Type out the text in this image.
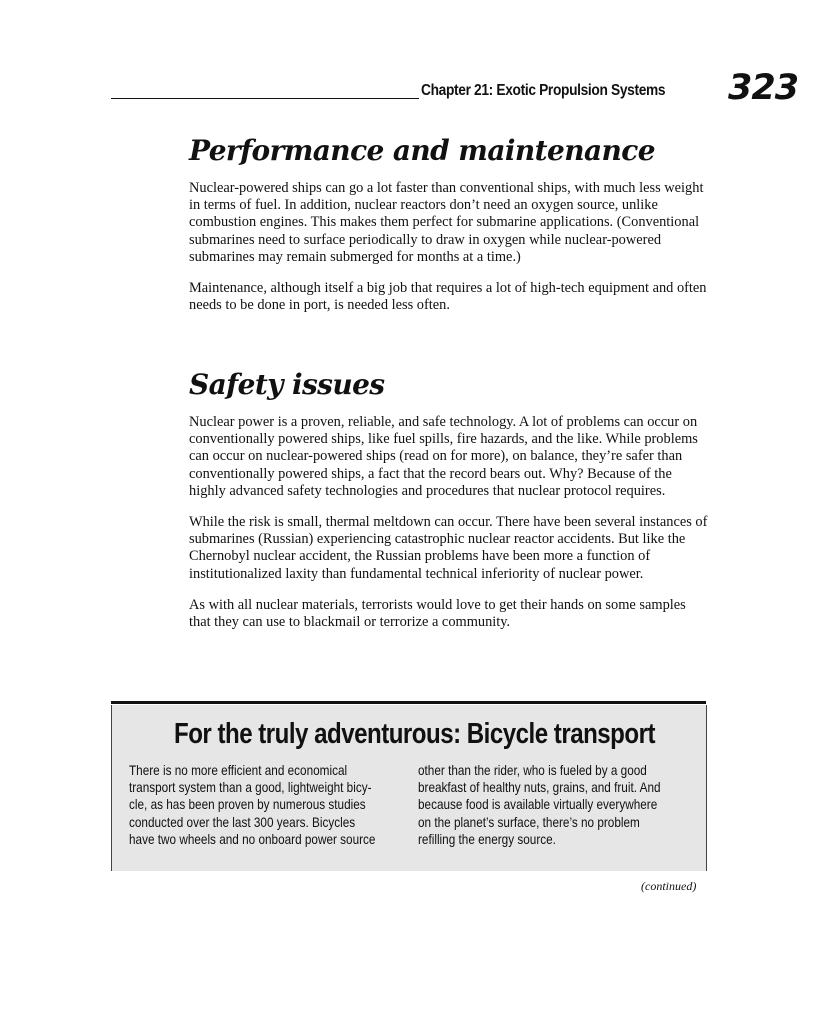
Chapter 21: Exotic Propulsion Systems 323
Performance and maintenance

Nuclear-powered ships can go a lot faster than conventional ships, with much less weight in terms of fuel. In addition, nuclear reactors don’t need an oxygen source, unlike combustion engines. This makes them perfect for submarine applications. (Conventional submarines need to surface periodically to draw in oxygen while nuclear-powered submarines may remain submerged for months at a time.)

Maintenance, although itself a big job that requires a lot of high-tech equipment and often needs to be done in port, is needed less often.

Safety issues

Nuclear power is a proven, reliable, and safe technology. A lot of problems can occur on conventionally powered ships, like fuel spills, fire hazards, and the like. While problems can occur on nuclear-powered ships (read on for more), on balance, they’re safer than conventionally powered ships, a fact that the record bears out. Why? Because of the highly advanced safety technologies and procedures that nuclear protocol requires.

While the risk is small, thermal meltdown can occur. There have been several instances of submarines (Russian) experiencing catastrophic nuclear reactor accidents. But like the Chernobyl nuclear accident, the Russian problems have been more a function of institutionalized laxity than fundamental technical inferiority of nuclear power.

As with all nuclear materials, terrorists would love to get their hands on some samples that they can use to blackmail or terrorize a community.

For the truly adventurous: Bicycle transport
There is no more efficient and economical
transport system than a good, lightweight bicy-
cle, as has been proven by numerous studies
conducted over the last 300 years. Bicycles
have two wheels and no onboard power source
other than the rider, who is fueled by a good
breakfast of healthy nuts, grains, and fruit. And
because food is available virtually everywhere
on the planet’s surface, there’s no problem
refilling the energy source.
(continued)
